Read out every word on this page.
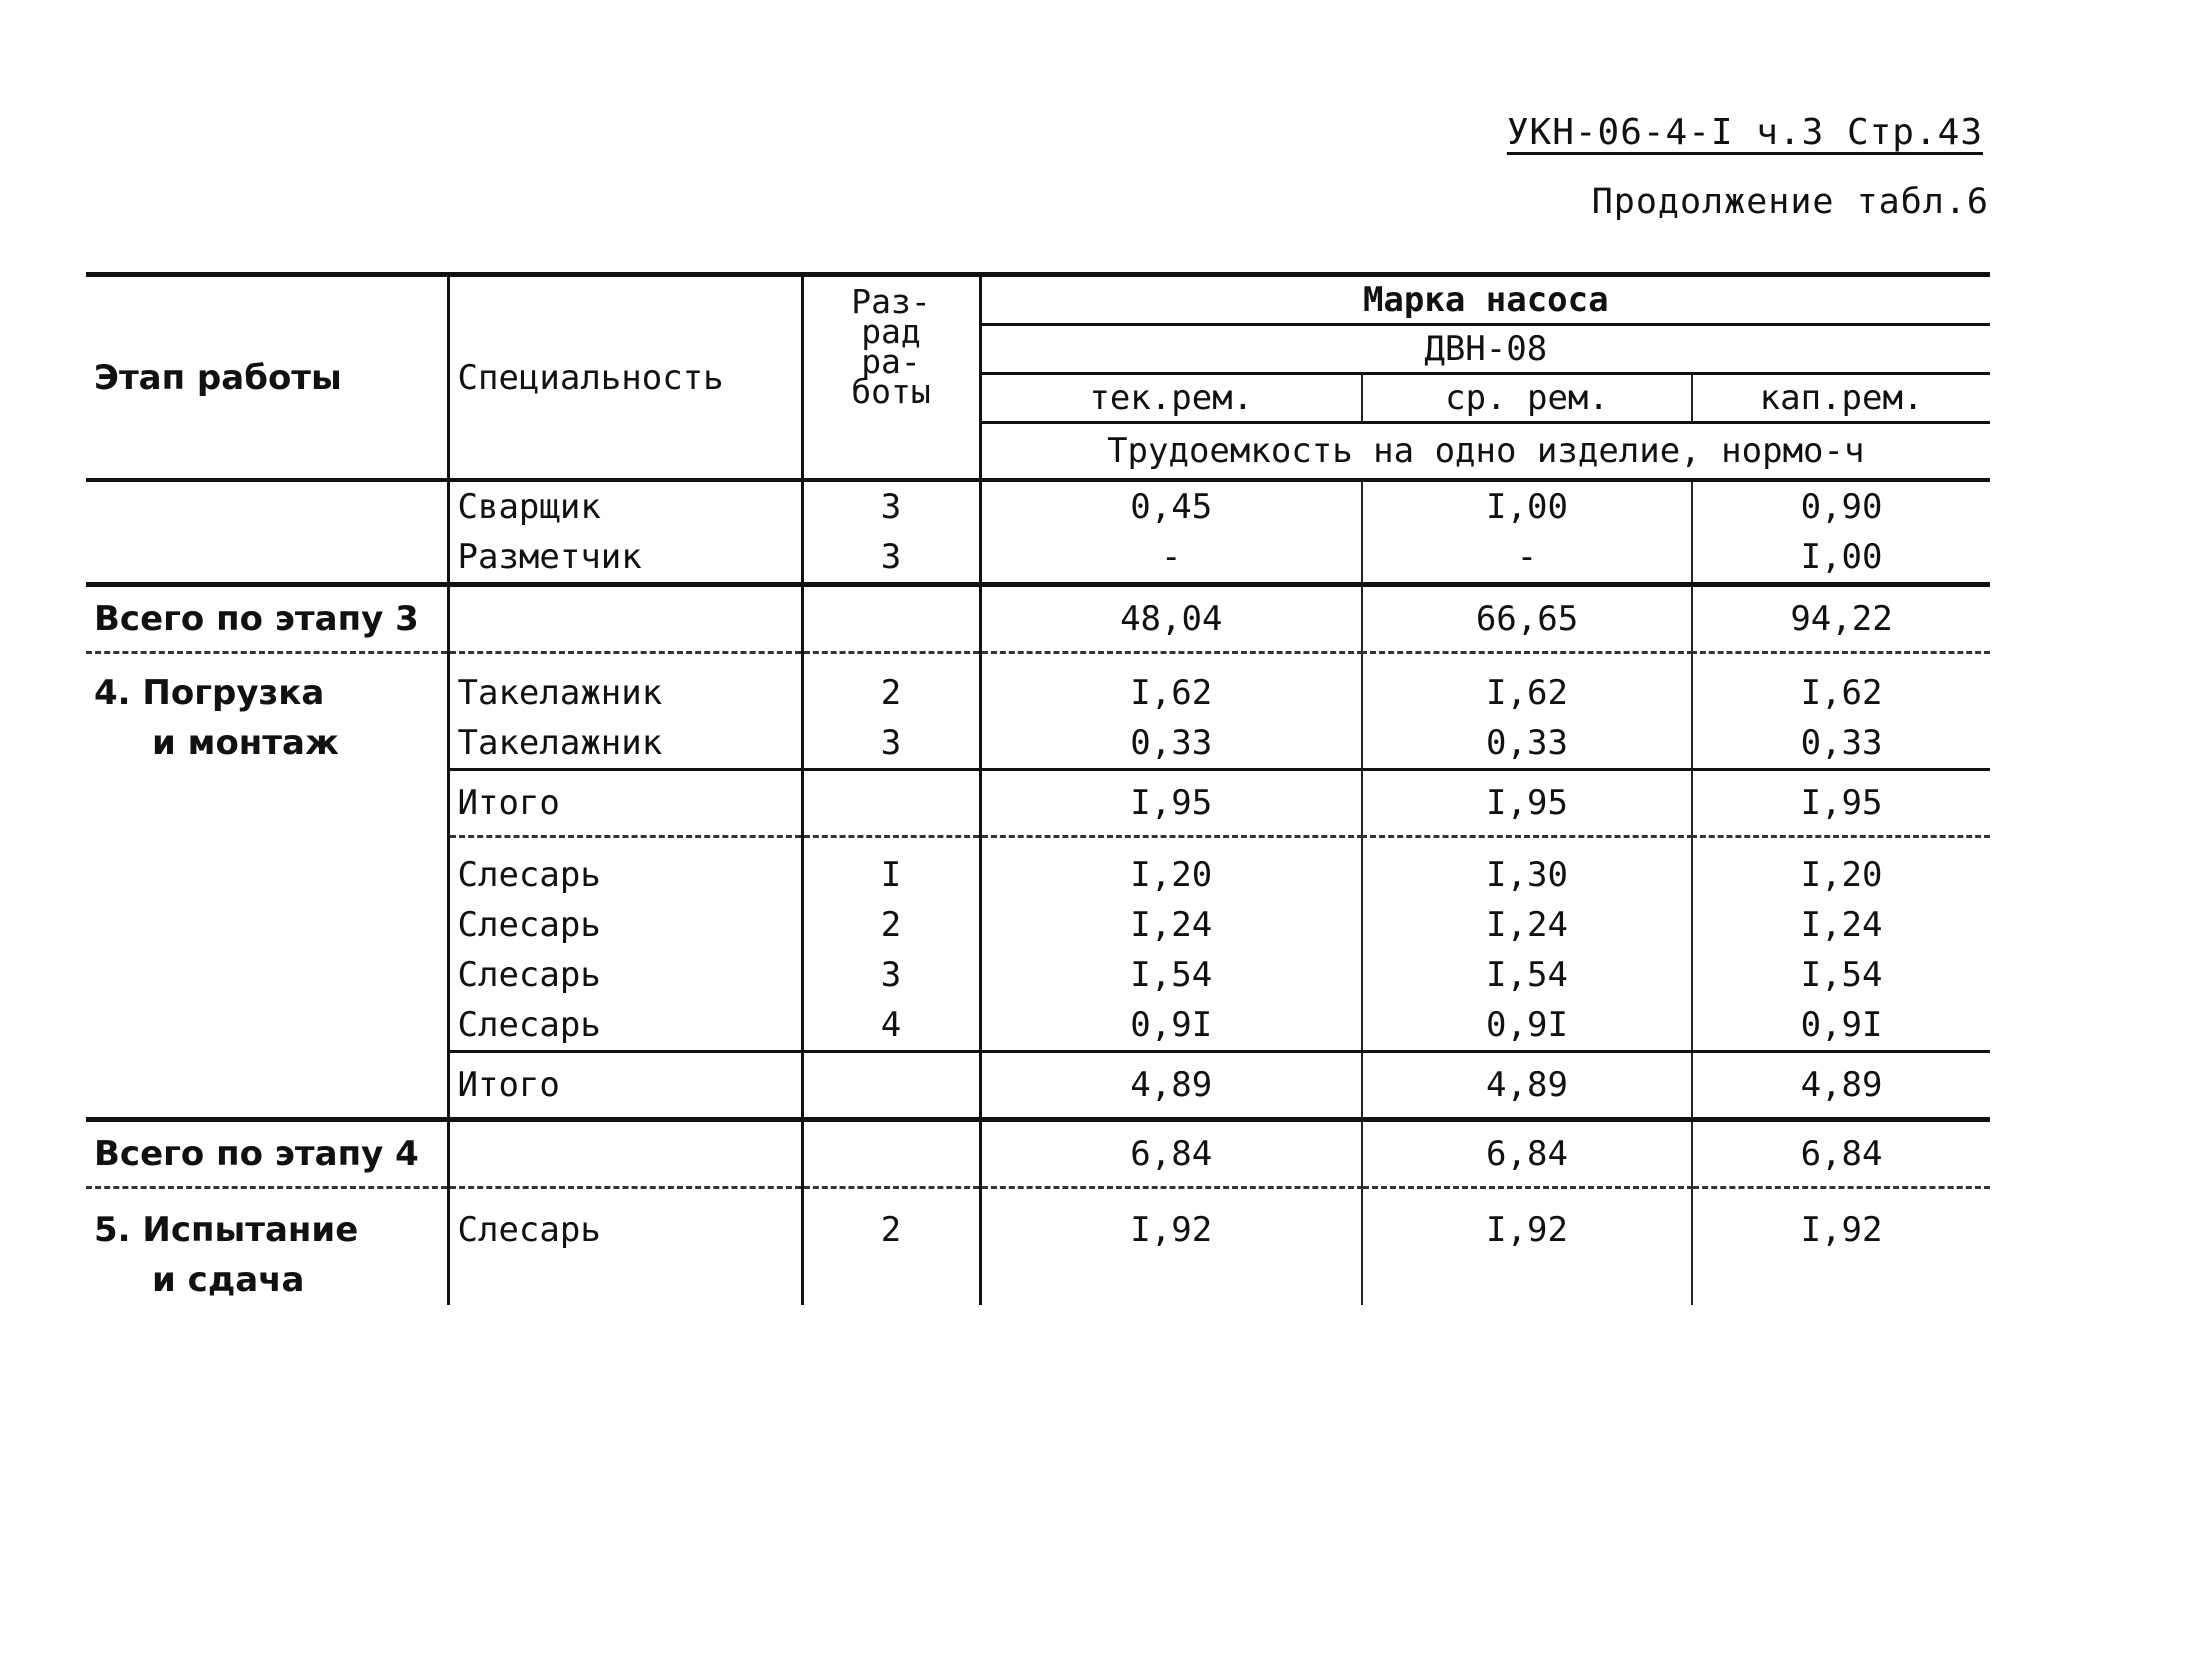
УКН-06-4-I ч.3 Стр.43
Продолжение табл.6
Этап работы	Специальность	Раз-
рад
ра-
боты	Марка насоса		
			ДВН-08		
			тек.рем.	ср. рем.	кап.рем.
			Трудоемкость на одно изделие, нормо-ч		

	Сварщик	3	0,45	I,00	0,90
	Разметчик	3	-	-	I,00
Всего по этапу 3			48,04	66,65	94,22
4. Погрузка
и монтаж	Такелажник	2	I,62	I,62	I,62
	Такелажник	3	0,33	0,33	0,33
	Итого		I,95	I,95	I,95
	Слесарь	I	I,20	I,30	I,20
	Слесарь	2	I,24	I,24	I,24
	Слесарь	3	I,54	I,54	I,54
	Слесарь	4	0,9I	0,9I	0,9I
	Итого		4,89	4,89	4,89

Всего по этапу 4			6,84	6,84	6,84
5. Испытание
и сдача	Слесарь	2	I,92	I,92	I,92
